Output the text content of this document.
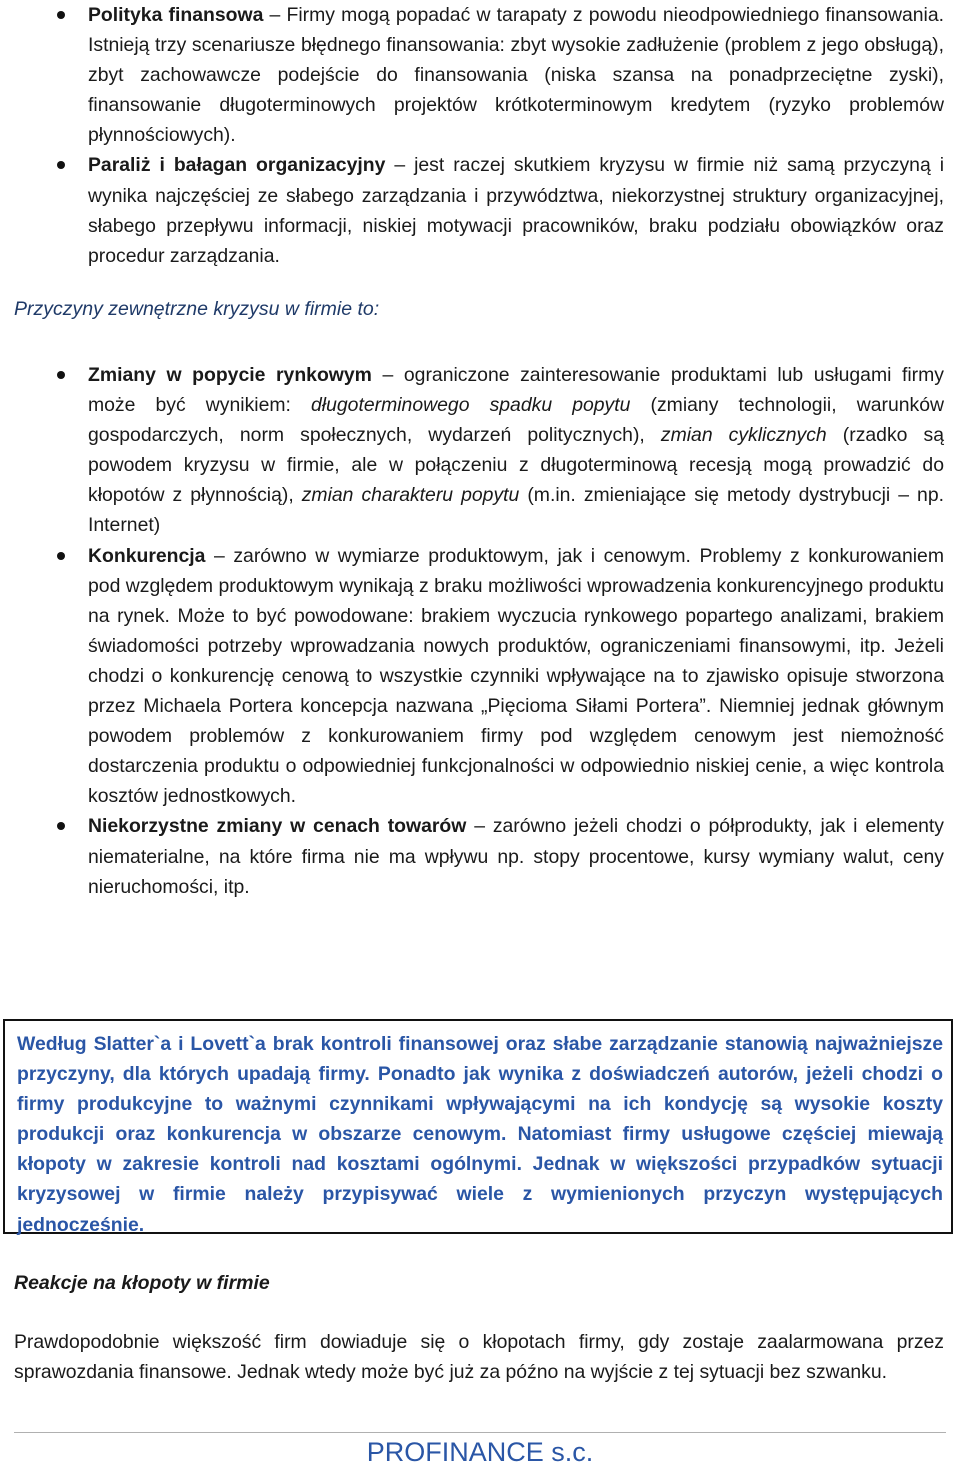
Polityka finansowa – Firmy mogą popadać w tarapaty z powodu nieodpowiedniego finansowania. Istnieją trzy scenariusze błędnego finansowania: zbyt wysokie zadłużenie (problem z jego obsługą), zbyt zachowawcze podejście do finansowania (niska szansa na ponadprzeciętne zyski), finansowanie długoterminowych projektów krótkoterminowym kredytem (ryzyko problemów płynnościowych).
Paraliż i bałagan organizacyjny – jest raczej skutkiem kryzysu w firmie niż samą przyczyną i wynika najczęściej ze słabego zarządzania i przywództwa, niekorzystnej struktury organizacyjnej, słabego przepływu informacji, niskiej motywacji pracowników, braku podziału obowiązków oraz procedur zarządzania.

Przyczyny zewnętrzne kryzysu w firmie to:

Zmiany w popycie rynkowym – ograniczone zainteresowanie produktami lub usługami firmy może być wynikiem: długoterminowego spadku popytu (zmiany technologii, warunków gospodarczych, norm społecznych, wydarzeń politycznych), zmian cyklicznych (rzadko są powodem kryzysu w firmie, ale w połączeniu z długoterminową recesją mogą prowadzić do kłopotów z płynnością), zmian charakteru popytu (m.in. zmieniające się metody dystrybucji – np. Internet)
Konkurencja – zarówno w wymiarze produktowym, jak i cenowym. Problemy z konkurowaniem pod względem produktowym wynikają z braku możliwości wprowadzenia konkurencyjnego produktu na rynek. Może to być powodowane: brakiem wyczucia rynkowego popartego analizami, brakiem świadomości potrzeby wprowadzania nowych produktów, ograniczeniami finansowymi, itp. Jeżeli chodzi o konkurencję cenową to wszystkie czynniki wpływające na to zjawisko opisuje stworzona przez Michaela Portera koncepcja nazwana „Pięcioma Siłami Portera”. Niemniej jednak głównym powodem problemów z konkurowaniem firmy pod względem cenowym jest niemożność dostarczenia produktu o odpowiedniej funkcjonalności w odpowiednio niskiej cenie, a więc kontrola kosztów jednostkowych.
Niekorzystne zmiany w cenach towarów – zarówno jeżeli chodzi o półprodukty, jak i elementy niematerialne, na które firma nie ma wpływu np. stopy procentowe, kursy wymiany walut, ceny nieruchomości, itp.

Według Slatter`a i Lovett`a brak kontroli finansowej oraz słabe zarządzanie stanowią najważniejsze przyczyny, dla których upadają firmy. Ponadto jak wynika z doświadczeń autorów, jeżeli chodzi o firmy produkcyjne to ważnymi czynnikami wpływającymi na ich kondycję są wysokie koszty produkcji oraz konkurencja w obszarze cenowym. Natomiast firmy usługowe częściej miewają kłopoty w zakresie kontroli nad kosztami ogólnymi. Jednak w większości przypadków sytuacji kryzysowej w firmie należy przypisywać wiele z wymienionych przyczyn występujących jednocześnie.

Reakcje na kłopoty w firmie

Prawdopodobnie większość firm dowiaduje się o kłopotach firmy, gdy zostaje zaalarmowana przez sprawozdania finansowe. Jednak wtedy może być już za późno na wyjście z tej sytuacji bez szwanku.

PROFINANCE s.c.
